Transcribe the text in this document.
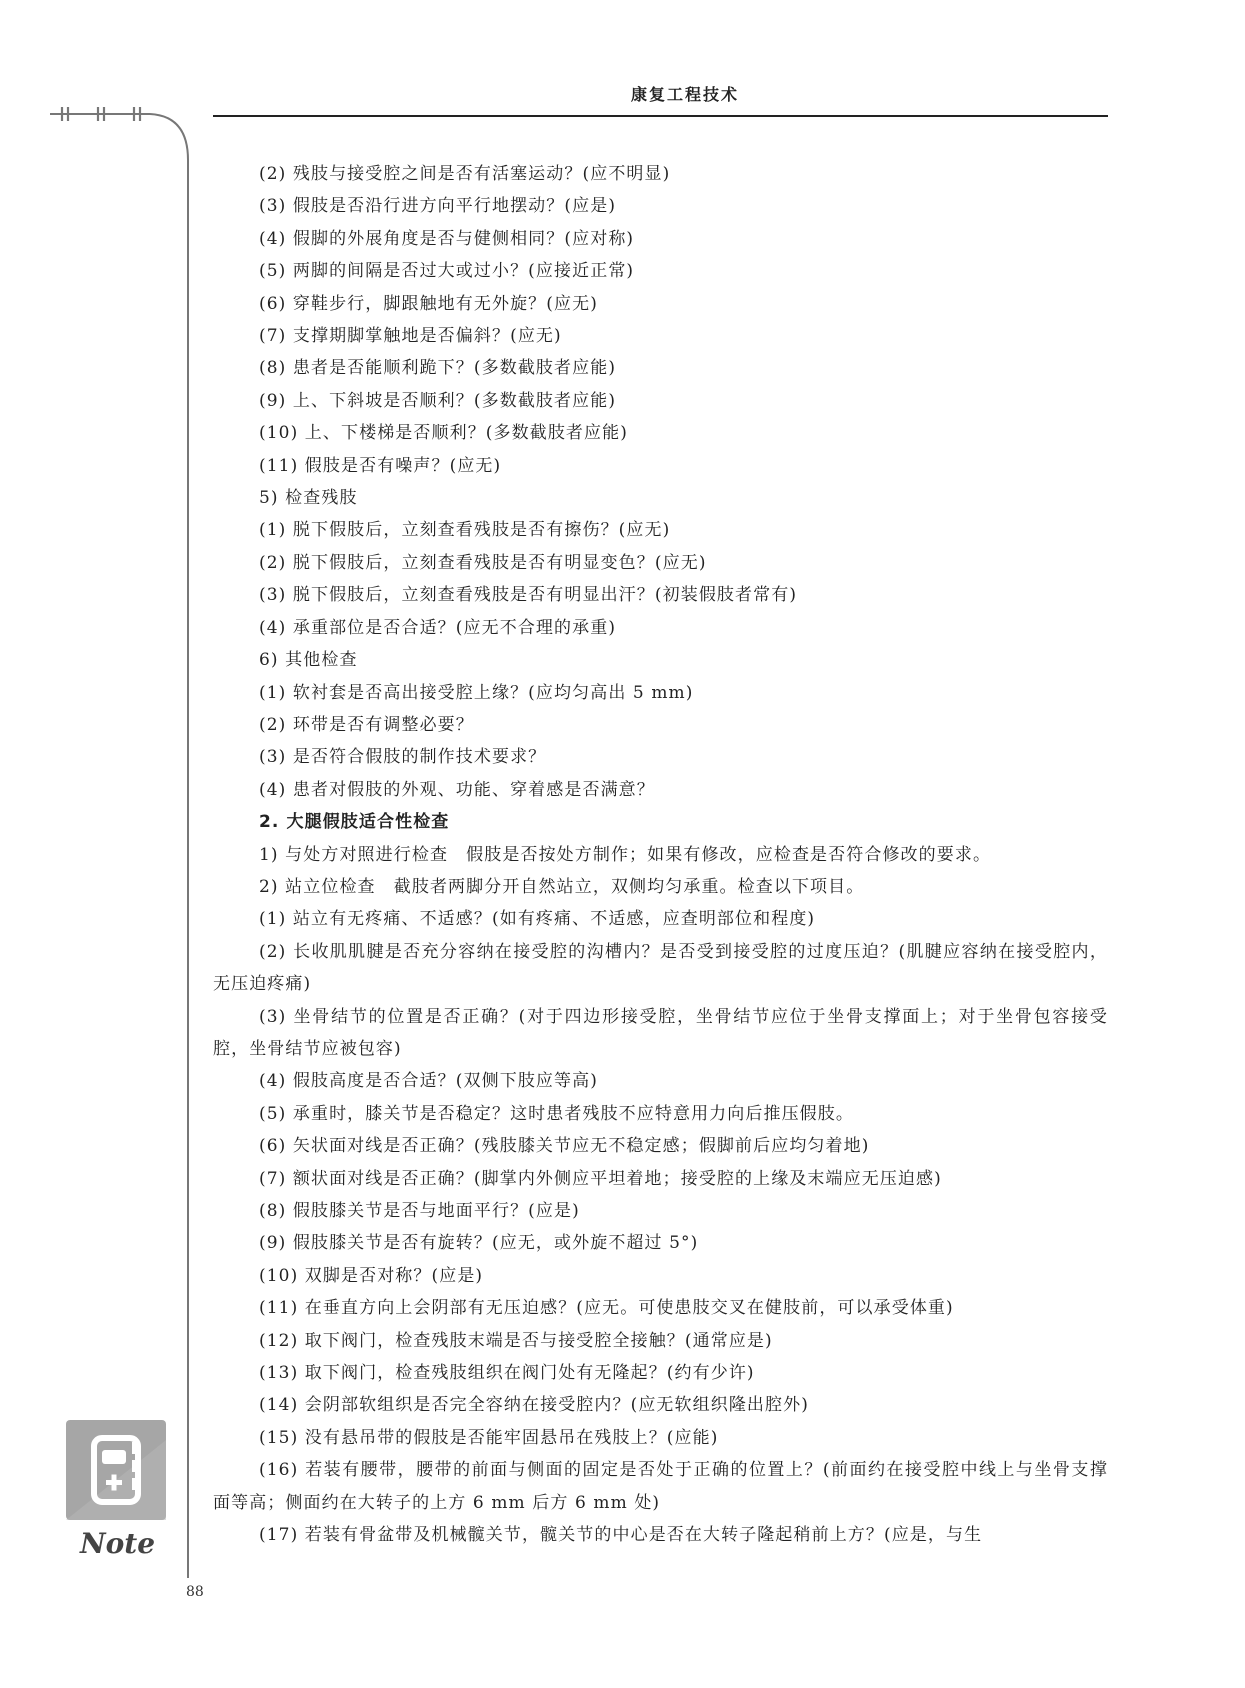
康复工程技术
(2) 残肢与接受腔之间是否有活塞运动？(应不明显)
(3) 假肢是否沿行进方向平行地摆动？(应是)
(4) 假脚的外展角度是否与健侧相同？(应对称)
(5) 两脚的间隔是否过大或过小？(应接近正常)
(6) 穿鞋步行，脚跟触地有无外旋？(应无)
(7) 支撑期脚掌触地是否偏斜？(应无)
(8) 患者是否能顺利跪下？(多数截肢者应能)
(9) 上、下斜坡是否顺利？(多数截肢者应能)
(10) 上、下楼梯是否顺利？(多数截肢者应能)
(11) 假肢是否有噪声？(应无)
5) 检查残肢
(1) 脱下假肢后，立刻查看残肢是否有擦伤？(应无)
(2) 脱下假肢后，立刻查看残肢是否有明显变色？(应无)
(3) 脱下假肢后，立刻查看残肢是否有明显出汗？(初装假肢者常有)
(4) 承重部位是否合适？(应无不合理的承重)
6) 其他检查
(1) 软衬套是否高出接受腔上缘？(应均匀高出 5 mm)
(2) 环带是否有调整必要？
(3) 是否符合假肢的制作技术要求？
(4) 患者对假肢的外观、功能、穿着感是否满意？
2. 大腿假肢适合性检查
1) 与处方对照进行检查　假肢是否按处方制作；如果有修改，应检查是否符合修改的要求。
2) 站立位检查　截肢者两脚分开自然站立，双侧均匀承重。检查以下项目。
(1) 站立有无疼痛、不适感？(如有疼痛、不适感，应查明部位和程度)
(2) 长收肌肌腱是否充分容纳在接受腔的沟槽内？是否受到接受腔的过度压迫？(肌腱应容纳在接受腔内，无压迫疼痛)
(3) 坐骨结节的位置是否正确？(对于四边形接受腔，坐骨结节应位于坐骨支撑面上；对于坐骨包容接受腔，坐骨结节应被包容)
(4) 假肢高度是否合适？(双侧下肢应等高)
(5) 承重时，膝关节是否稳定？这时患者残肢不应特意用力向后推压假肢。
(6) 矢状面对线是否正确？(残肢膝关节应无不稳定感；假脚前后应均匀着地)
(7) 额状面对线是否正确？(脚掌内外侧应平坦着地；接受腔的上缘及末端应无压迫感)
(8) 假肢膝关节是否与地面平行？(应是)
(9) 假肢膝关节是否有旋转？(应无，或外旋不超过 5°)
(10) 双脚是否对称？(应是)
(11) 在垂直方向上会阴部有无压迫感？(应无。可使患肢交叉在健肢前，可以承受体重)
(12) 取下阀门，检查残肢末端是否与接受腔全接触？(通常应是)
(13) 取下阀门，检查残肢组织在阀门处有无隆起？(约有少许)
(14) 会阴部软组织是否完全容纳在接受腔内？(应无软组织隆出腔外)
(15) 没有悬吊带的假肢是否能牢固悬吊在残肢上？(应能)
(16) 若装有腰带，腰带的前面与侧面的固定是否处于正确的位置上？(前面约在接受腔中线上与坐骨支撑面等高；侧面约在大转子的上方 6 mm 后方 6 mm 处)
(17) 若装有骨盆带及机械髋关节，髋关节的中心是否在大转子隆起稍前上方？(应是，与生
Note
88
